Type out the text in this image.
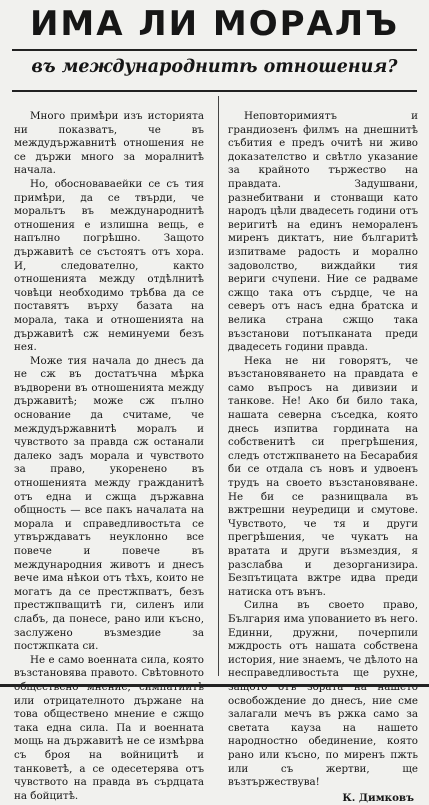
ИМА ЛИ МОРАЛЪ
въ международнитѣ отношения?

Много примѣри изъ историята ни показватъ, че въ междудържавнитѣ отношения не се държи много за моралнитѣ начала.

Но, обосноваваейки се съ тия примѣри, да се твърди, че моральтъ въ международнитѣ отношения е излишна вещь, е напълно погрѣшно. Защото държавитѣ се състоятъ отъ хора. И, следователно, както отношенията между отдѣлнитѣ човѣци необходимо трѣбва да се поставятъ върху базата на морала, така и отношенията на държавитѣ сж неминуеми безъ нея.

Може тия начала до днесъ да не сж въ достатъчна мѣрка въдворени въ отношенията между държавитѣ; може сж пълно основание да считаме, че междудържавнитѣ моралъ и чувството за правда сж останали далеко задъ морала и чувството за право, укоренено въ отношенията между гражданитѣ отъ една и сжща държавна общность — все пакъ началата на морала и справедливостьта се утвърждаватъ неуклонно все повече и повече въ международния животъ и днесъ вече има нѣкои отъ тѣхъ, които не могатъ да се престжпватъ, безъ престжпващитѣ ги, силенъ или слабъ, да понесе, рано или късно, заслужено възмездие за постжпката си.

Не е само военната сила, която възстановява правото. Свѣтовното или отрицателното държане на това обществено мнение е сжщо така една сила. Па и военната мощь на държавитѣ не се измѣрва съ броя на войницитѣ и танковетѣ, а се одесетерява отъ чувството на правда въ сърдцата на бойцитѣ.

Неповторимиятъ и грандиозенъ филмъ на днешнитѣ събития е предъ очитѣ ни живо доказателство и свѣтло указание за крайното тържество на правдата. Задушвани, разнебитвани и стонващи като народъ цѣли двадесеть години отъ веригитѣ на единъ немораленъ миренъ диктатъ, ние българитѣ изпитваме радость и морално задоволство, виждайки тия вериги счупени. Ние се радваме сжщо така отъ сърдце, че на северъ отъ насъ една братска и велика страна сжщо така възстанови потъпканата преди двадесеть години правда.

Нека не ни говорятъ, че възстановяването на правдата е само въпросъ на дивизии и танкове. Не! Ако би било така, нашата северна съседка, която днесь изпитва гордината на собственитѣ си прегрѣшения, следъ отстжпването на Бесарабия би се отдала съ новъ и удвоенъ трудъ на своето възстановяване. Не би се разнищвала въ вжтрешни неуредици и смутове. Чувството, че тя и други прегрѣшения, че чукатъ на вратата и други възмездия, я разслабва и дезорганизира. Безпътицата вжтре идва преди натиска отъ вънъ.

Силна въ своето право, България има упованието въ него. Единни, дружни, почерпили мждрость отъ нашата собствена история, ние знаемъ, че дѣлото на несправедливостьта ще рухне, освобождение до днесъ, ние сме залагали мечъ въ ржка само за светата кауза на нашето народностно обединение, която рано или късно, по миренъ пжть или съ жертви, ще възтържествува!

К. Димковъ
